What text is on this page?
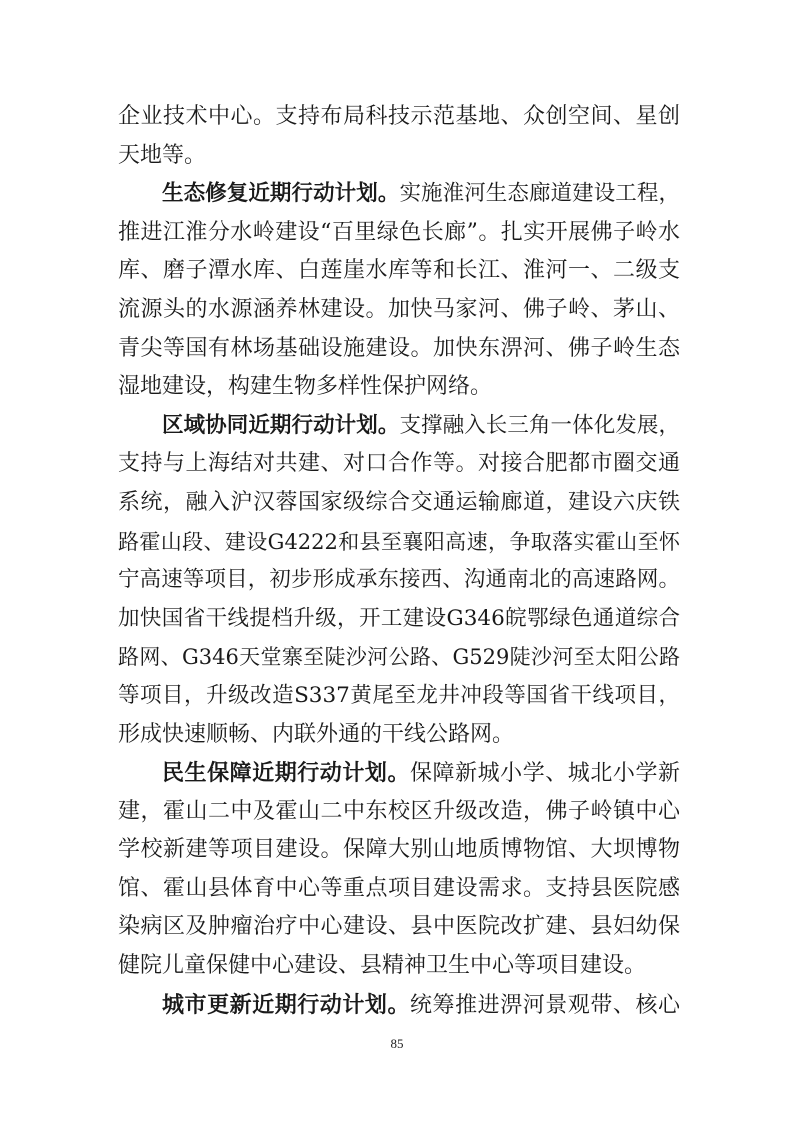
企业技术中心。支持布局科技示范基地、众创空间、星创
天地等。
生态修复近期行动计划。实施淮河生态廊道建设工程，
推进江淮分水岭建设“百里绿色长廊”。扎实开展佛子岭水
库、磨子潭水库、白莲崖水库等和长江、淮河一、二级支
流源头的水源涵养林建设。加快马家河、佛子岭、茅山、
青尖等国有林场基础设施建设。加快东淠河、佛子岭生态
湿地建设，构建生物多样性保护网络。
区域协同近期行动计划。支撑融入长三角一体化发展，
支持与上海结对共建、对口合作等。对接合肥都市圈交通
系统，融入沪汉蓉国家级综合交通运输廊道，建设六庆铁
路霍山段、建设G4222和县至襄阳高速，争取落实霍山至怀
宁高速等项目，初步形成承东接西、沟通南北的高速路网。
加快国省干线提档升级，开工建设G346皖鄂绿色通道综合
路网、G346天堂寨至陡沙河公路、G529陡沙河至太阳公路
等项目，升级改造S337黄尾至龙井冲段等国省干线项目，
形成快速顺畅、内联外通的干线公路网。
民生保障近期行动计划。保障新城小学、城北小学新
建，霍山二中及霍山二中东校区升级改造，佛子岭镇中心
学校新建等项目建设。保障大别山地质博物馆、大坝博物
馆、霍山县体育中心等重点项目建设需求。支持县医院感
染病区及肿瘤治疗中心建设、县中医院改扩建、县妇幼保
健院儿童保健中心建设、县精神卫生中心等项目建设。
城市更新近期行动计划。统筹推进淠河景观带、核心
85
